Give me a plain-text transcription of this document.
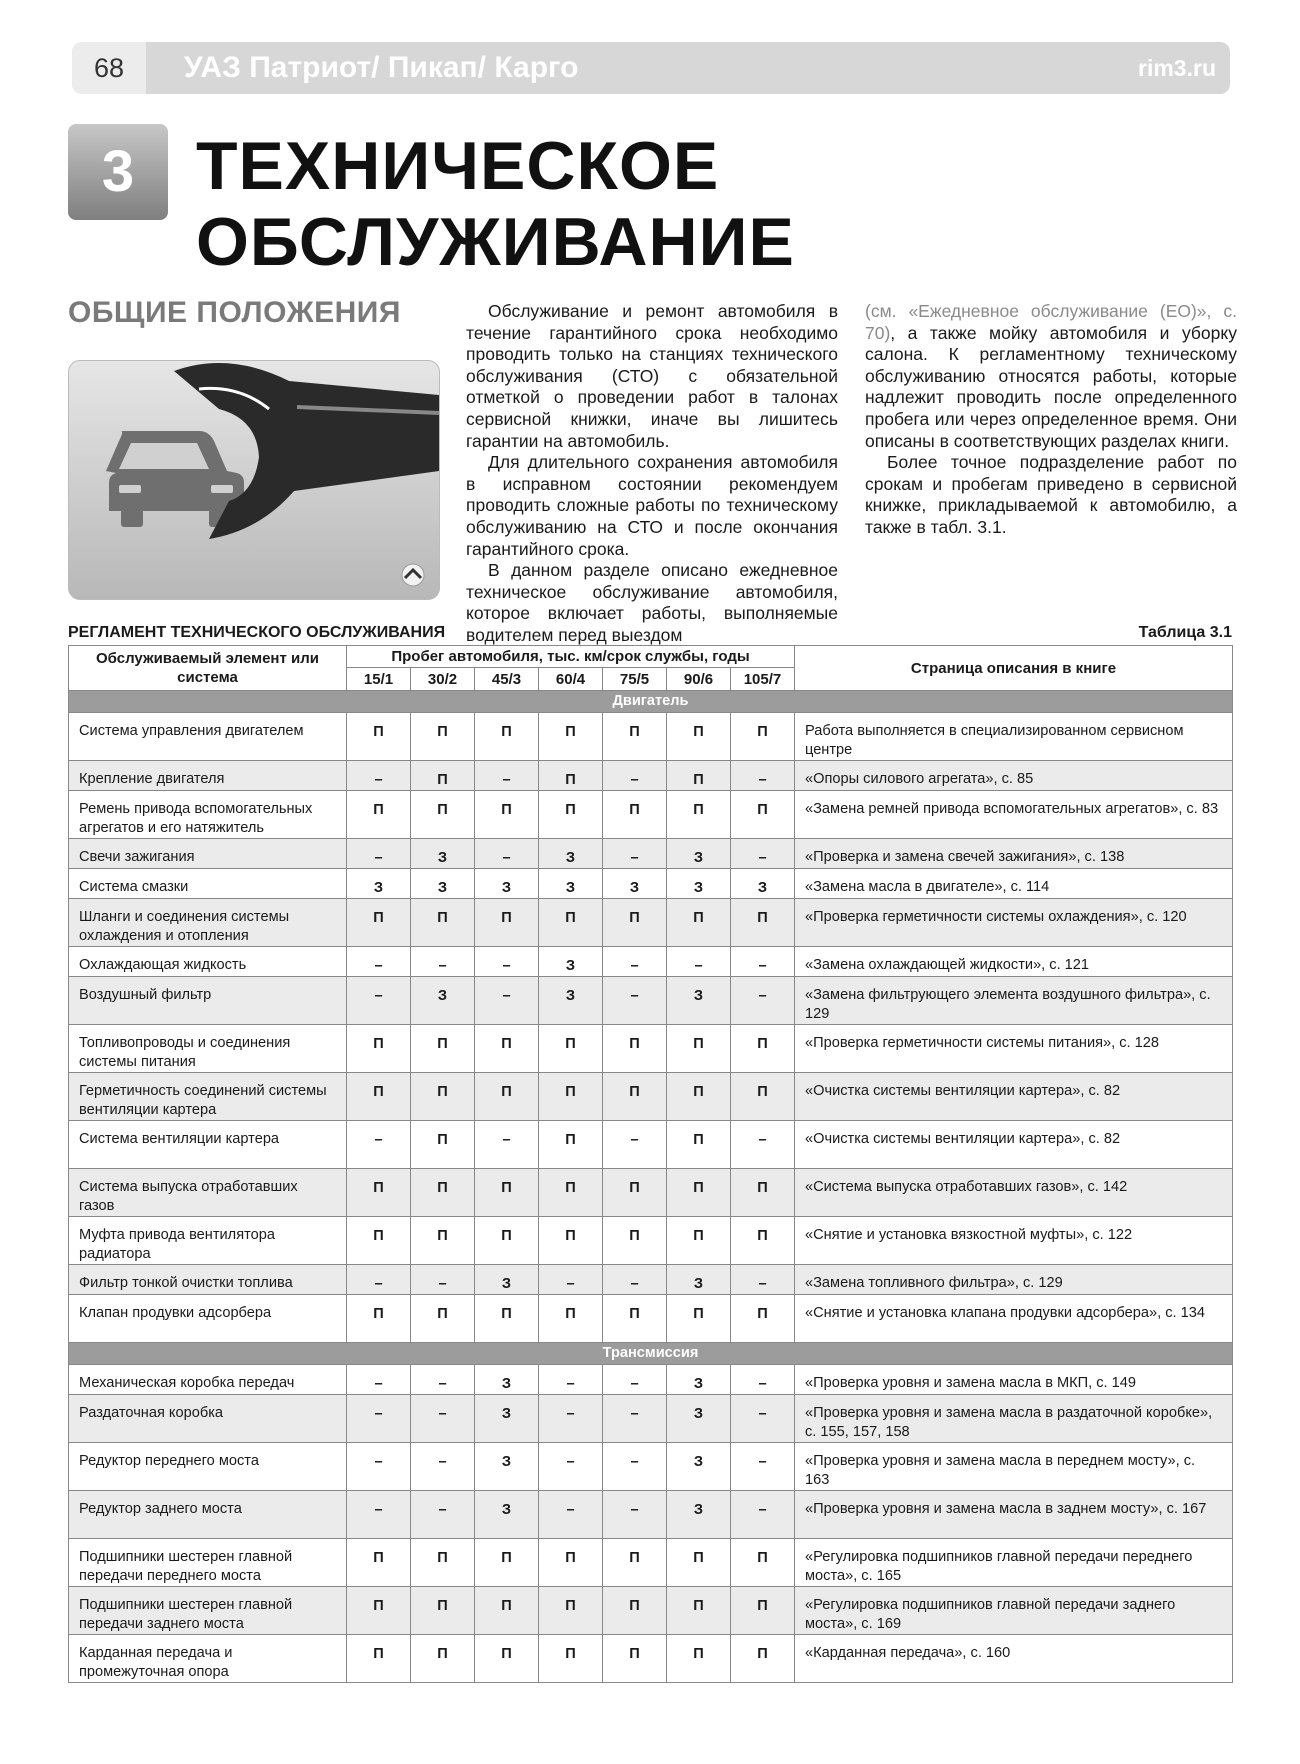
68	УАЗ Патриот/ Пикап/ Карго	rim3.ru
3 ТЕХНИЧЕСКОЕ
ОБСЛУЖИВАНИЕ
ОБЩИЕ ПОЛОЖЕНИЯ	Обслуживание и ремонт автомобиля в течение гарантийного срока необходимо проводить только на станциях технического обслуживания (СТО) с обязательной отметкой о проведении работ в талонах сервисной книжки, иначе вы лишитесь гарантии на автомобиль.

Для длительного сохранения автомобиля в исправном состоянии рекомендуем проводить сложные работы по техническому обслуживанию на СТО и после окончания гарантийного срока.

В данном разделе описано ежедневное техническое обслуживание автомобиля, которое включает работы, выполняемые водителем перед выездом

(см. «Ежедневное обслуживание (ЕО)», с. 70), а также мойку автомобиля и уборку салона. К регламентному техническому обслуживанию относятся работы, которые надлежит проводить после определенного пробега или через определенное время. Они описаны в соответствующих разделах книги.

Более точное подразделение работ по срокам и пробегам приведено в сервисной книжке, прикладываемой к автомобилю, а также в табл. 3.1.

РЕГЛАМЕНТ ТЕХНИЧЕСКОГО ОБСЛУЖИВАНИЯ	Таблица 3.1
Обслуживаемый элемент или система	Пробег автомобиля, тыс. км/срок службы, годы							Страница описания в книге
	15/1	30/2	45/3	60/4	75/5	90/6	105/7	
Двигатель								
Система управления двигателем	П	П	П	П	П	П	П	Работа выполняется в специализированном сервисном центре
Крепление двигателя	–	П	–	П	–	П	–	«Опоры силового агрегата», с. 85
Ремень привода вспомогательных агрегатов и его натяжитель	П	П	П	П	П	П	П	«Замена ремней привода вспомогательных агрегатов», с. 83
Свечи зажигания	–	З	–	З	–	З	–	«Проверка и замена свечей зажигания», с. 138
Система смазки	З	З	З	З	З	З	З	«Замена масла в двигателе», с. 114
Шланги и соединения системы охлаждения и отопления	П	П	П	П	П	П	П	«Проверка герметичности системы охлаждения», с. 120
Охлаждающая жидкость	–	–	–	З	–	–	–	«Замена охлаждающей жидкости», с. 121
Воздушный фильтр	–	З	–	З	–	З	–	«Замена фильтрующего элемента воздушного фильтра», с. 129
Топливопроводы и соединения системы питания	П	П	П	П	П	П	П	«Проверка герметичности системы питания», с. 128
Герметичность соединений системы вентиляции картера	П	П	П	П	П	П	П	«Очистка системы вентиляции картера», с. 82
Система вентиляции картера	–	П	–	П	–	П	–	«Очистка системы вентиляции картера», с. 82
Система выпуска отработавших газов	П	П	П	П	П	П	П	«Система выпуска отработавших газов», с. 142
Муфта привода вентилятора радиатора	П	П	П	П	П	П	П	«Снятие и установка вязкостной муфты», с. 122
Фильтр тонкой очистки топлива	–	–	З	–	–	З	–	«Замена топливного фильтра», с. 129
Клапан продувки адсорбера	П	П	П	П	П	П	П	«Снятие и установка клапана продувки адсорбера», с. 134
Трансмиссия								
Механическая коробка передач	–	–	З	–	–	З	–	«Проверка уровня и замена масла в МКП, с. 149
Раздаточная коробка	–	–	З	–	–	З	–	«Проверка уровня и замена масла в раздаточной коробке», с. 155, 157, 158
Редуктор переднего моста	–	–	З	–	–	З	–	«Проверка уровня и замена масла в переднем мосту», с. 163
Редуктор заднего моста	–	–	З	–	–	З	–	«Проверка уровня и замена масла в заднем мосту», с. 167
Подшипники шестерен главной передачи переднего моста	П	П	П	П	П	П	П	«Регулировка подшипников главной передачи переднего моста», с. 165
Подшипники шестерен главной передачи заднего моста	П	П	П	П	П	П	П	«Регулировка подшипников главной передачи заднего моста», с. 169
Карданная передача и промежуточная опора	П	П	П	П	П	П	П	«Карданная передача», с. 160
